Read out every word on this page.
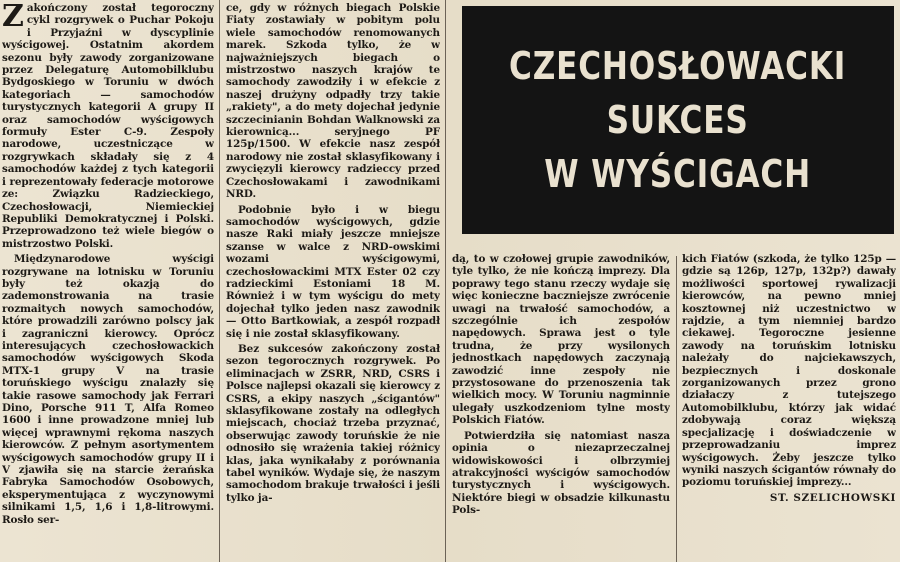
Zakończony został tegoroczny cykl rozgrywek o Puchar Pokoju i Przyjaźni w dyscyplinie wyścigowej. Ostatnim akordem sezonu były zawody zorganizowane przez Delegaturę Automobilklubu Bydgoskiego w Toruniu w dwóch kategoriach — samochodów turystycznych kategorii A grupy II oraz samochodów wyścigowych formuły Ester C-9. Zespoły narodowe, uczestniczące w rozgrywkach składały się z 4 samochodów każdej z tych kategorii i reprezentowały federacje motorowe ze: Związku Radzieckiego, Czechosłowacji, Niemieckiej Republiki Demokratycznej i Polski. Przeprowadzono też wiele biegów o mistrzostwo Polski.

Międzynarodowe wyścigi rozgrywane na lotnisku w Toruniu były też okazją do zademonstrowania na trasie rozmaitych nowych samochodów, które prowadzili zarówno polscy jak i zagraniczni kierowcy. Oprócz interesujących czechosłowackich samochodów wyścigowych Skoda MTX-1 grupy V na trasie toruńskiego wyścigu znalazły się takie rasowe samochody jak Ferrari Dino, Porsche 911 T, Alfa Romeo 1600 i inne prowadzone mniej lub więcej wprawnymi rękoma naszych kierowców. Z pełnym asortymentem wyścigowych samochodów grupy II i V zjawiła się na starcie żerańska Fabryka Samochodów Osobowych, eksperymentująca z wyczynowymi silnikami 1,5, 1,6 i 1,8-litrowymi. Rosło ser-

ce, gdy w różnych biegach Polskie Fiaty zostawiały w pobitym polu wiele samochodów renomowanych marek. Szkoda tylko, że w najważniejszych biegach o mistrzostwo naszych krajów te samochody zawodziły i w efekcie z naszej drużyny odpadły trzy takie „rakiety", a do mety dojechał jedynie szczecinianin Bohdan Walknowski za kierownicą... seryjnego PF 125p/1500. W efekcie nasz zespół narodowy nie został sklasyfikowany i zwycięzyli kierowcy radzieccy przed Czechosłowakami i zawodnikami NRD.

Podobnie było i w biegu samochodów wyścigowych, gdzie nasze Raki miały jeszcze mniejsze szanse w walce z NRD-owskimi wozami wyścigowymi, czechosłowackimi MTX Ester 02 czy radzieckimi Estoniami 18 M. Również i w tym wyścigu do mety dojechał tylko jeden nasz zawodnik — Otto Bartkowiak, a zespół rozpadł się i nie został sklasyfikowany.

Bez sukcesów zakończony został sezon tegorocznych rozgrywek. Po eliminacjach w ZSRR, NRD, CSRS i Polsce najlepsi okazali się kierowcy z CSRS, a ekipy naszych „ścigantów" sklasyfikowane zostały na odległych miejscach, chociaż trzeba przyznać, obserwując zawody toruńskie że nie odnosiło się wrażenia takiej różnicy klas, jaka wynikałaby z porównania tabel wyników. Wydaje się, że naszym samochodom brakuje trwałości i jeśli tylko ja-

CZECHOSŁOWACKI
SUKCES
W WYŚCIGACH

dą, to w czołowej grupie zawodników, tyle tylko, że nie kończą imprezy. Dla poprawy tego stanu rzeczy wydaje się więc konieczne baczniejsze zwrócenie uwagi na trwałość samochodów, a szczególnie ich zespołów napędowych. Sprawa jest o tyle trudna, że przy wysilonych jednostkach napędowych zaczynają zawodzić inne zespoły nie przystosowane do przenoszenia tak wielkich mocy. W Toruniu nagminnie ulegały uszkodzeniom tylne mosty Polskich Fiatów.

Potwierdziła się natomiast nasza opinia o niezaprzeczalnej widowiskowości i olbrzymiej atrakcyjności wyścigów samochodów turystycznych i wyścigowych. Niektóre biegi w obsadzie kilkunastu Pols-

kich Fiatów (szkoda, że tylko 125p — gdzie są 126p, 127p, 132p?) dawały możliwości sportowej rywalizacji kierowców, na pewno mniej kosztownej niż uczestnictwo w rajdzie, a tym niemniej bardzo ciekawej. Tegoroczne jesienne zawody na toruńskim lotnisku należały do najciekawszych, bezpiecznych i doskonale zorganizowanych przez grono działaczy z tutejszego Automobilklubu, którzy jak widać zdobywają coraz większą specjalizację i doświadczenie w przeprowadzaniu imprez wyścigowych. Żeby jeszcze tylko wyniki naszych ścigantów równały do poziomu toruńskiej imprezy...

ST. SZELICHOWSKI
